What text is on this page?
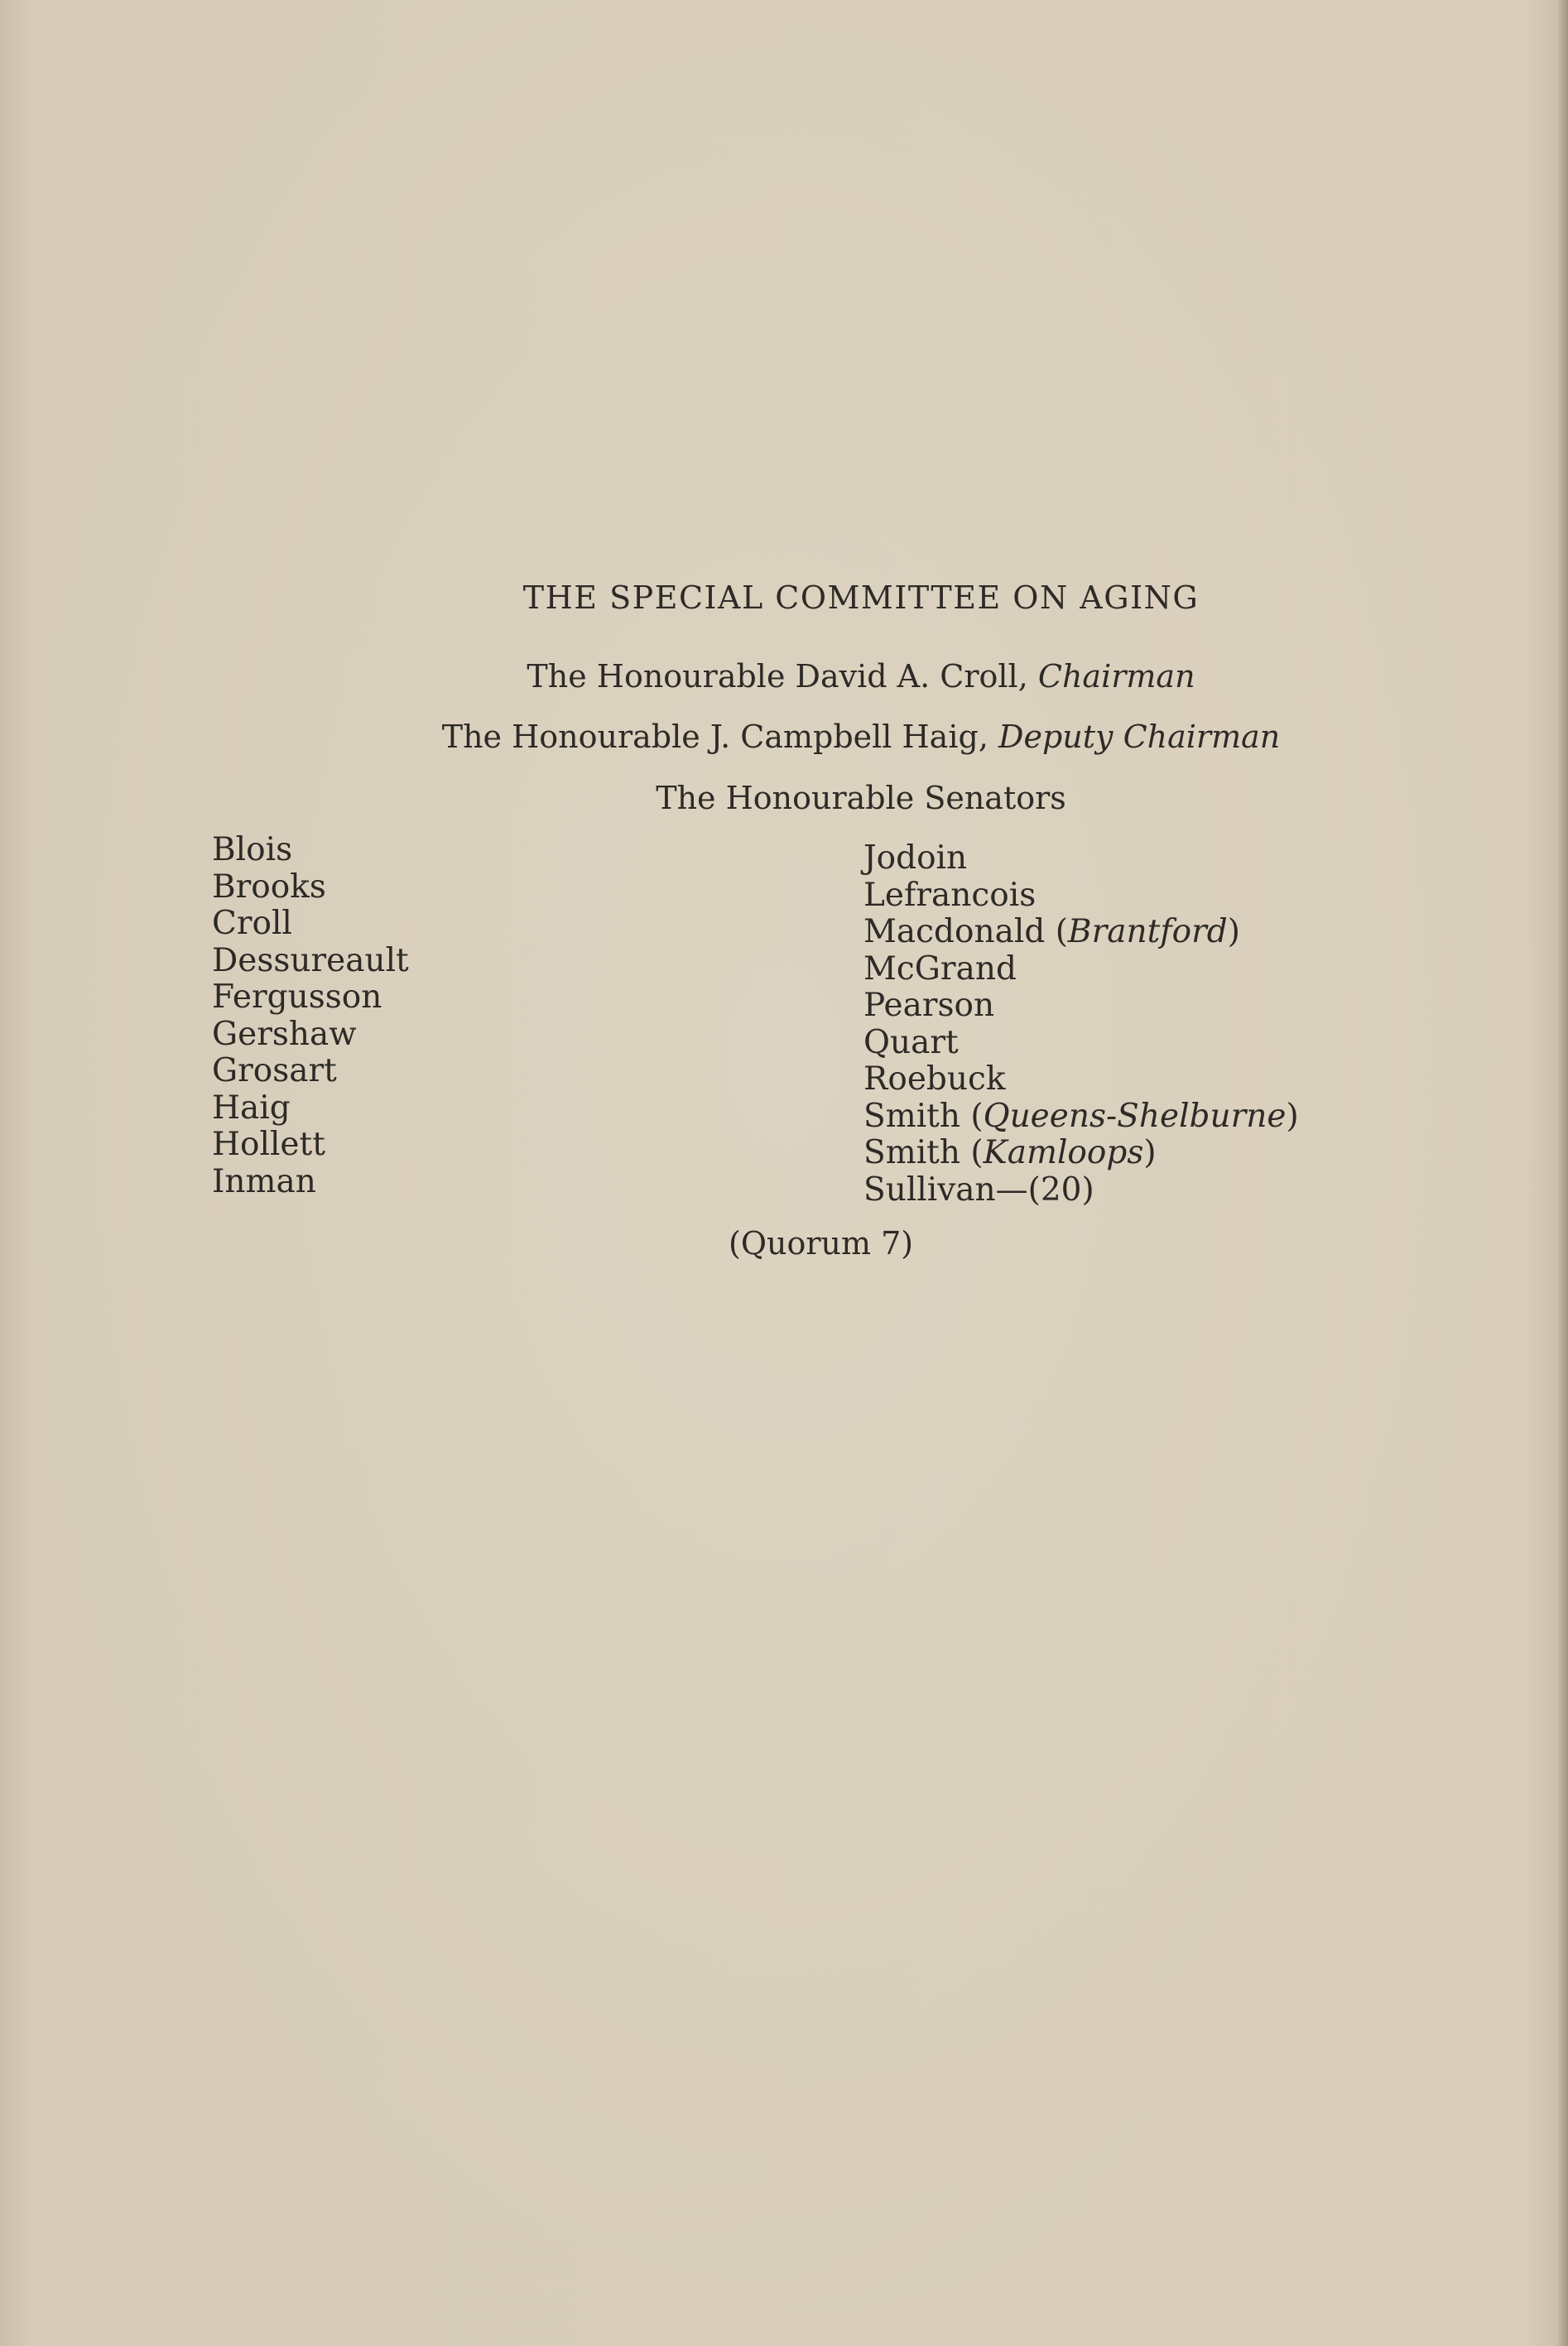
THE SPECIAL COMMITTEE ON AGING
The Honourable David A. Croll, Chairman
The Honourable J. Campbell Haig, Deputy Chairman
The Honourable Senators
Blois
Brooks
Croll
Dessureault
Fergusson
Gershaw
Grosart
Haig
Hollett
Inman
Jodoin
Lefrancois
Macdonald (Brantford)
McGrand
Pearson
Quart
Roebuck
Smith (Queens-Shelburne)
Smith (Kamloops)
Sullivan—(20)
(Quorum 7)
